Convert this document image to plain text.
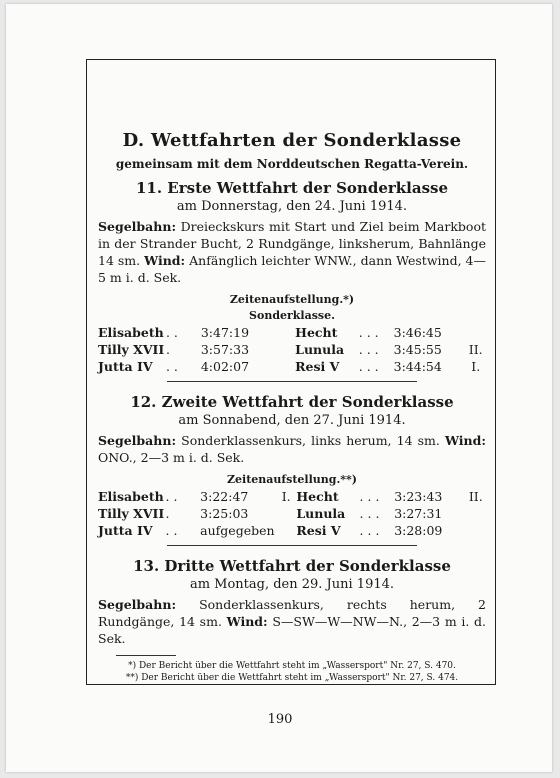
D. Wettfahrten der Sonderklasse

gemeinsam mit dem Norddeutschen Regatta-Verein.

11. Erste Wettfahrt der Sonderklasse

am Donnerstag, den 24. Juni 1914.

Segelbahn: Dreieckskurs mit Start und Ziel beim Markboot in der Strander Bucht, 2 Rundgänge, linksherum, Bahnlänge 14 sm. Wind: Anfänglich leichter WNW., dann Westwind, 4—5 m i. d. Sek.

Zeitenaufstellung.*)

Sonderklasse.

Elisabeth	. .	3:47:19		Hecht	. . .	3:46:45	
Tilly XVII	.	3:57:33		Lunula	. . .	3:45:55	II.
Jutta IV	. .	4:02:07		Resi V	. . .	3:44:54	I.

12. Zweite Wettfahrt der Sonderklasse

am Sonnabend, den 27. Juni 1914.

Segelbahn: Sonderklassenkurs, links herum, 14 sm. Wind: ONO., 2—3 m i. d. Sek.

Zeitenaufstellung.**)

Elisabeth	. .	3:22:47	I.	Hecht	. . .	3:23:43	II.
Tilly XVII	.	3:25:03		Lunula	. . .	3:27:31	
Jutta IV	. .	aufgegeben		Resi V	. . .	3:28:09	

13. Dritte Wettfahrt der Sonderklasse

am Montag, den 29. Juni 1914.

Segelbahn: Sonderklassenkurs, rechts herum, 2 Rundgänge, 14 sm. Wind: S—SW—W—NW—N., 2—3 m i. d. Sek.

*) Der Bericht über die Wettfahrt steht im „Wassersport" Nr. 27, S. 470.

**) Der Bericht über die Wettfahrt steht im „Wassersport" Nr. 27, S. 474.

190
